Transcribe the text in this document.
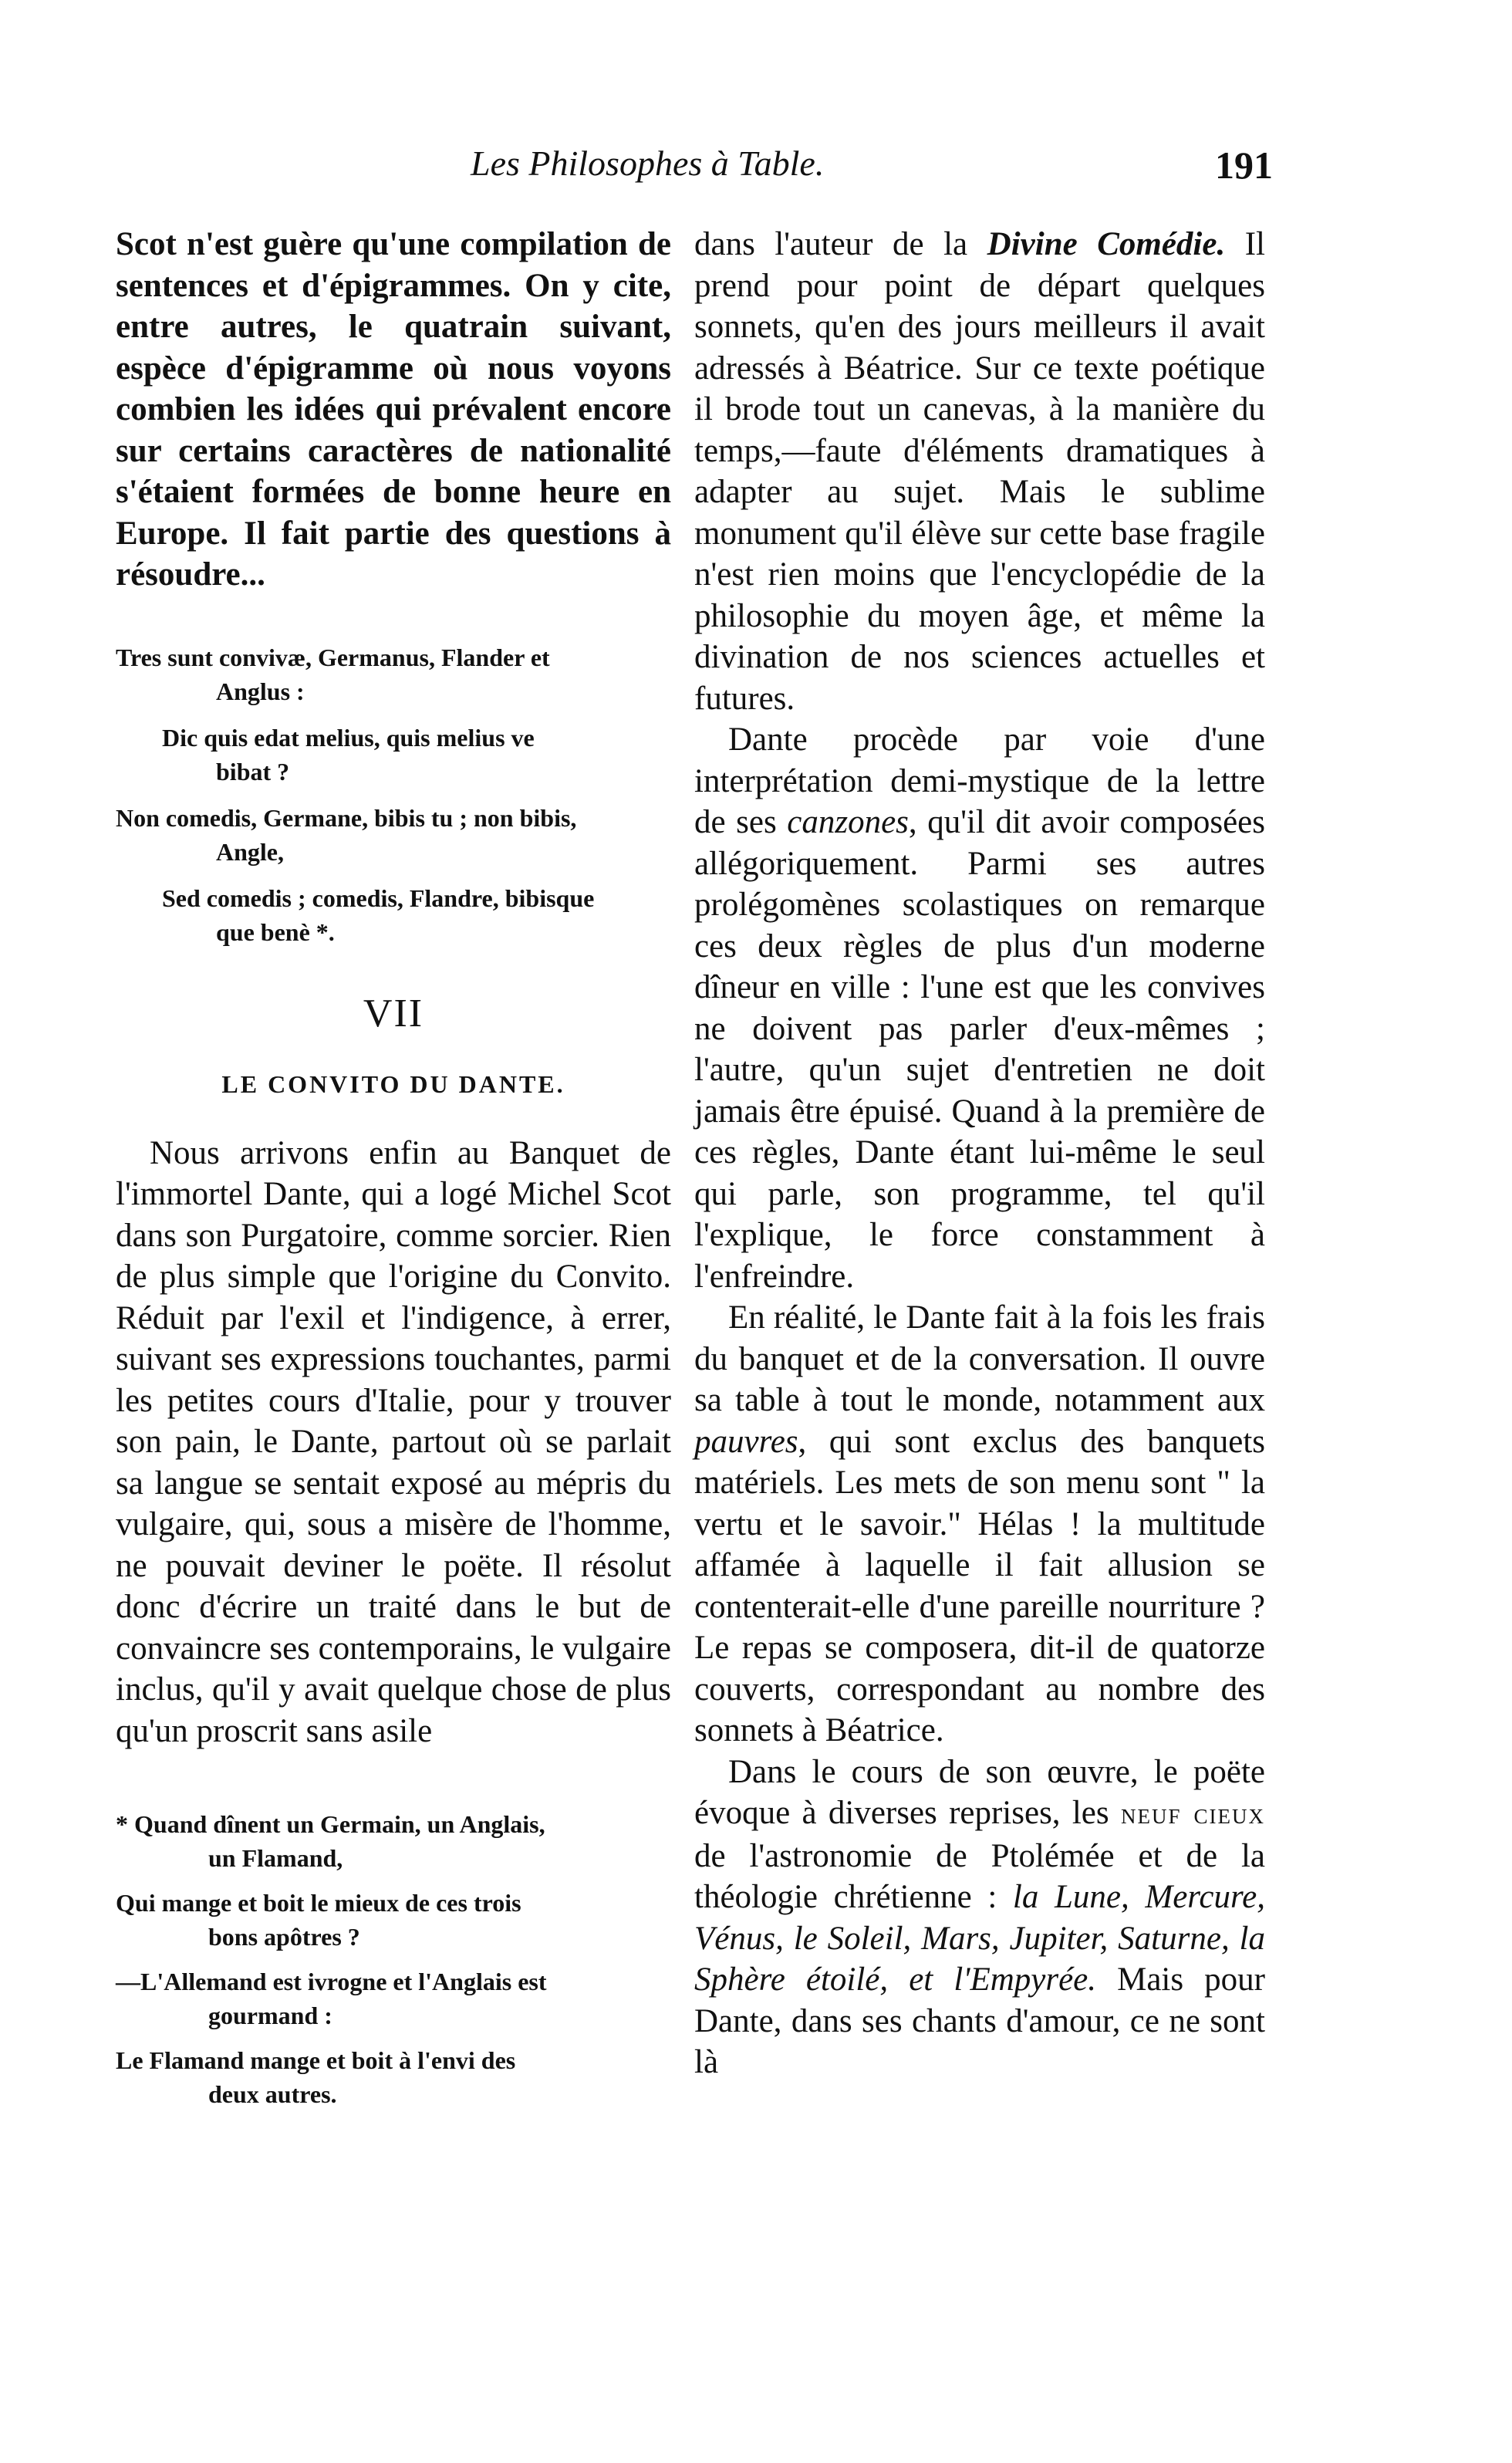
Les Philosophes à Table.	191

Scot n'est guère qu'une compilation de sentences et d'épigrammes. On y cite, entre autres, le quatrain suivant, espèce d'épigramme où nous voyons combien les idées qui prévalent encore sur certains caractères de nationalité s'étaient formées de bonne heure en Europe. Il fait partie des questions à résoudre...

Tres sunt convivæ, Germanus, Flander et
Anglus :
Dic quis edat melius, quis melius ve
bibat ?
Non comedis, Germane, bibis tu ; non bibis,
Angle,
Sed comedis ; comedis, Flandre, bibisque
que benè *.
VII
LE CONVITO DU DANTE.

Nous arrivons enfin au Banquet de l'immortel Dante, qui a logé Michel Scot dans son Purgatoire, comme sorcier. Rien de plus simple que l'origine du Convito. Réduit par l'exil et l'indigence, à errer, suivant ses expressions touchantes, parmi les petites cours d'Italie, pour y trouver son pain, le Dante, partout où se parlait sa langue se sentait exposé au mépris du vulgaire, qui, sous a misère de l'homme, ne pouvait deviner le poëte. Il résolut donc d'écrire un traité dans le but de convaincre ses contemporains, le vulgaire inclus, qu'il y avait quelque chose de plus qu'un proscrit sans asile

* Quand dînent un Germain, un Anglais,
un Flamand,
Qui mange et boit le mieux de ces trois
bons apôtres ?
—L'Allemand est ivrogne et l'Anglais est
gourmand :
Le Flamand mange et boit à l'envi des
deux autres.

dans l'auteur de la Divine Comédie. Il prend pour point de départ quelques sonnets, qu'en des jours meilleurs il avait adressés à Béatrice. Sur ce texte poétique il brode tout un canevas, à la manière du temps,—faute d'éléments dramatiques à adapter au sujet. Mais le sublime monument qu'il élève sur cette base fragile n'est rien moins que l'encyclopédie de la philosophie du moyen âge, et même la divination de nos sciences actuelles et futures.

Dante procède par voie d'une interprétation demi-mystique de la lettre de ses canzones, qu'il dit avoir composées allégoriquement. Parmi ses autres prolégomènes scolastiques on remarque ces deux règles de plus d'un moderne dîneur en ville : l'une est que les convives ne doivent pas parler d'eux-mêmes ; l'autre, qu'un sujet d'entretien ne doit jamais être épuisé. Quand à la première de ces règles, Dante étant lui-même le seul qui parle, son programme, tel qu'il l'explique, le force constamment à l'enfreindre.

En réalité, le Dante fait à la fois les frais du banquet et de la conversation. Il ouvre sa table à tout le monde, notamment aux pauvres, qui sont exclus des banquets matériels. Les mets de son menu sont " la vertu et le savoir." Hélas ! la multitude affamée à laquelle il fait allusion se contenterait-elle d'une pareille nourriture ? Le repas se composera, dit-il de quatorze couverts, correspondant au nombre des sonnets à Béatrice.

Dans le cours de son œuvre, le poëte évoque à diverses reprises, les neuf cieux de l'astronomie de Ptolémée et de la théologie chrétienne : la Lune, Mercure, Vénus, le Soleil, Mars, Jupiter, Saturne, la Sphère étoilé, et l'Empyrée. Mais pour Dante, dans ses chants d'amour, ce ne sont là
